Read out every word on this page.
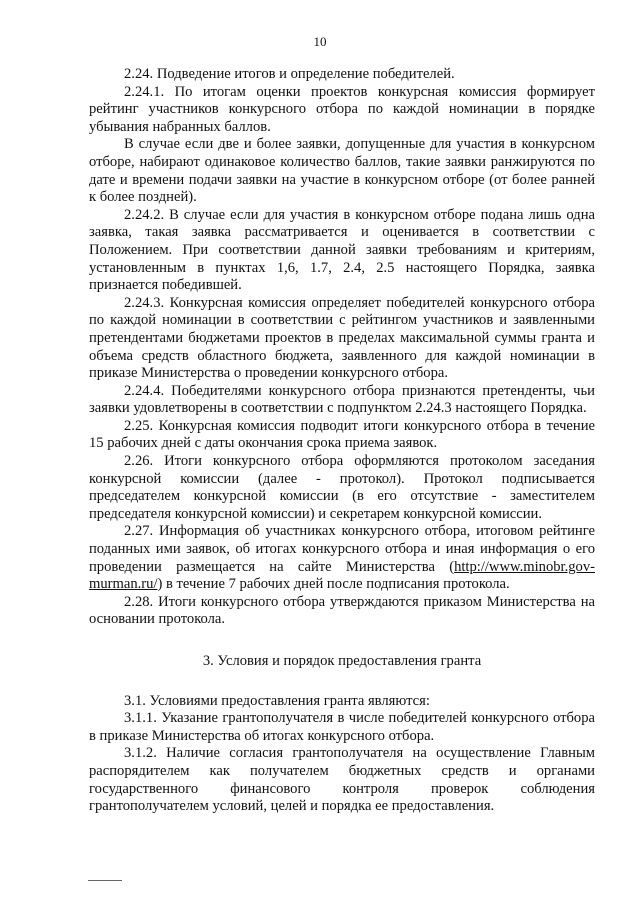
10

2.24. Подведение итогов и определение победителей.

2.24.1. По итогам оценки проектов конкурсная комиссия формирует рейтинг участников конкурсного отбора по каждой номинации в порядке убывания набранных баллов.

В случае если две и более заявки, допущенные для участия в конкурсном отборе, набирают одинаковое количество баллов, такие заявки ранжируются по дате и времени подачи заявки на участие в конкурсном отборе (от более ранней к более поздней).

2.24.2. В случае если для участия в конкурсном отборе подана лишь одна заявка, такая заявка рассматривается и оценивается в соответствии с Положением. При соответствии данной заявки требованиям и критериям, установленным в пунктах 1,6, 1.7, 2.4, 2.5 настоящего Порядка, заявка признается победившей.

2.24.3. Конкурсная комиссия определяет победителей конкурсного отбора по каждой номинации в соответствии с рейтингом участников и заявленными претендентами бюджетами проектов в пределах максимальной суммы гранта и объема средств областного бюджета, заявленного для каждой номинации в приказе Министерства о проведении конкурсного отбора.

2.24.4. Победителями конкурсного отбора признаются претенденты, чьи заявки удовлетворены в соответствии с подпунктом 2.24.3 настоящего Порядка.

2.25. Конкурсная комиссия подводит итоги конкурсного отбора в течение 15 рабочих дней с даты окончания срока приема заявок.

2.26. Итоги конкурсного отбора оформляются протоколом заседания конкурсной комиссии (далее - протокол). Протокол подписывается председателем конкурсной комиссии (в его отсутствие - заместителем председателя конкурсной комиссии) и секретарем конкурсной комиссии.

2.27. Информация об участниках конкурсного отбора, итоговом рейтинге поданных ими заявок, об итогах конкурсного отбора и иная информация о его проведении размещается на сайте Министерства (http://www.minobr.gov-murman.ru/) в течение 7 рабочих дней после подписания протокола.

2.28. Итоги конкурсного отбора утверждаются приказом Министерства на основании протокола.

3. Условия и порядок предоставления гранта

3.1. Условиями предоставления гранта являются:

3.1.1. Указание грантополучателя в числе победителей конкурсного отбора в приказе Министерства об итогах конкурсного отбора.

3.1.2. Наличие согласия грантополучателя на осуществление Главным распорядителем как получателем бюджетных средств и органами государственного финансового контроля проверок соблюдения грантополучателем условий, целей и порядка ее предоставления.
